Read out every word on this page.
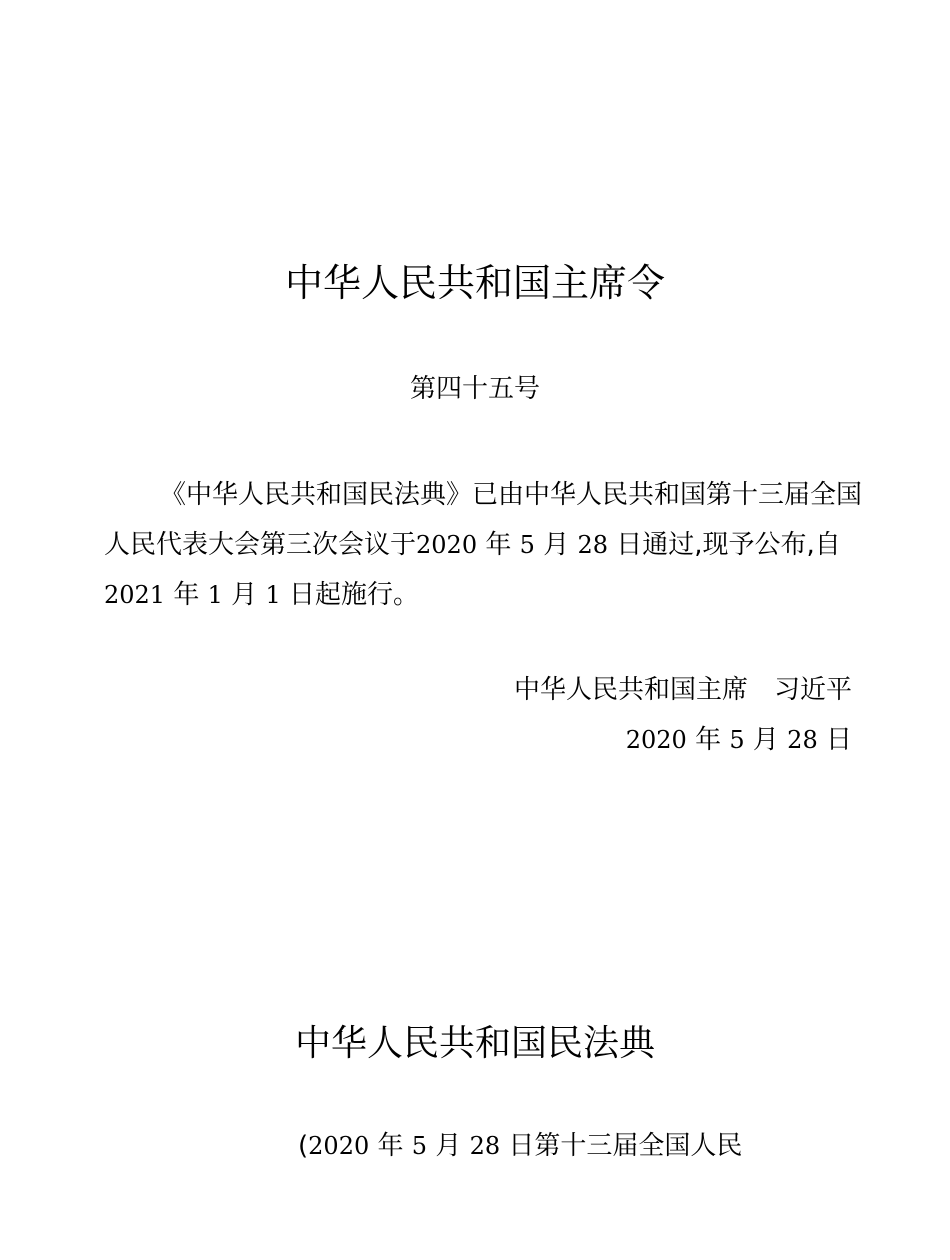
中华人民共和国主席令
第四十五号
《中华人民共和国民法典》已由中华人民共和国第十三届全国
人民代表大会第三次会议于2020 年 5 月 28 日通过,现予公布,自
2021 年 1 月 1 日起施行。
中华人民共和国主席 习近平
2020 年 5 月 28 日
中华人民共和国民法典
(2020 年 5 月 28 日第十三届全国人民
